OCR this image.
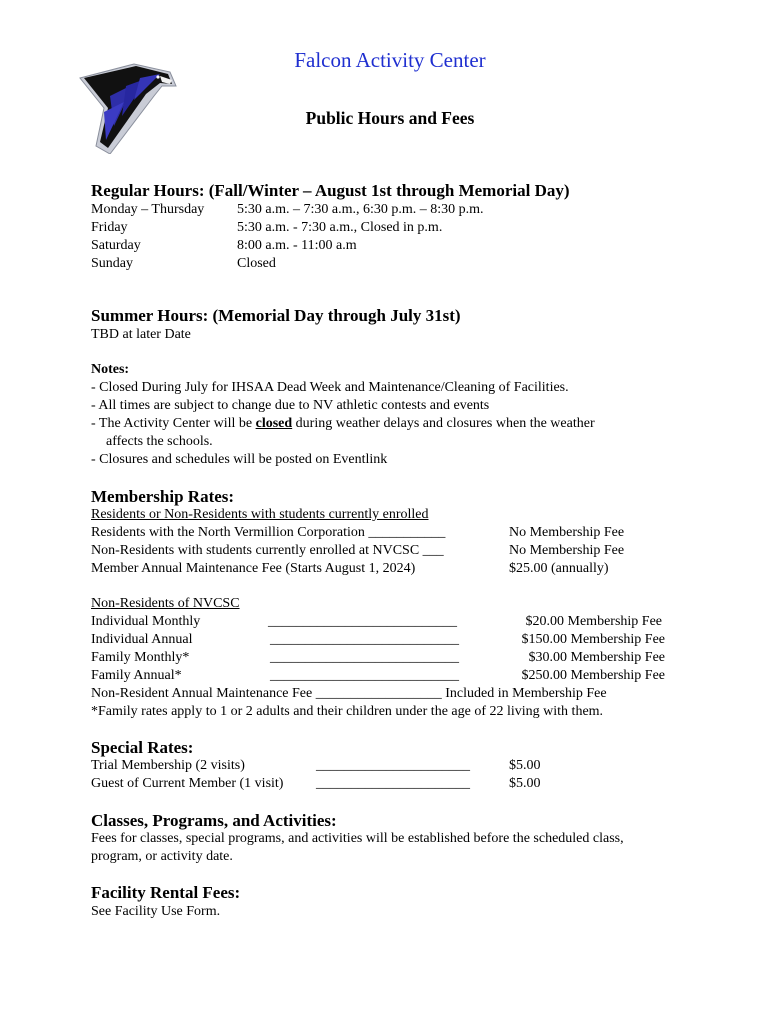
Falcon Activity Center
Public Hours and Fees
Regular Hours: (Fall/Winter – August 1st through Memorial Day)
Monday – Thursday 5:30 a.m. – 7:30 a.m., 6:30 p.m. – 8:30 p.m.
Friday	5:30 a.m. - 7:30 a.m., Closed in p.m.
Saturday	8:00 a.m. - 11:00 a.m
Sunday	Closed
Summer Hours: (Memorial Day through July 31st)
TBD at later Date
Notes:
- Closed During July for IHSAA Dead Week and Maintenance/Cleaning of Facilities.
- All times are subject to change due to NV athletic contests and events
- The Activity Center will be closed during weather delays and closures when the weather
affects the schools.
- Closures and schedules will be posted on Eventlink
Membership Rates:
Residents or Non-Residents with students currently enrolled
Residents with the North Vermillion Corporation ___________	No Membership Fee
Non-Residents with students currently enrolled at NVCSC ___	No Membership Fee
Member Annual Maintenance Fee (Starts August 1, 2024)	$25.00 (annually)
Non-Residents of NVCSC
Individual Monthly	___________________________	$20.00 Membership Fee
Individual Annual	___________________________	$150.00 Membership Fee
Family Monthly*	___________________________	$30.00 Membership Fee
Family Annual*	___________________________	$250.00 Membership Fee
Non-Resident Annual Maintenance Fee __________________ Included in Membership Fee
*Family rates apply to 1 or 2 adults and their children under the age of 22 living with them.
Special Rates:
Trial Membership (2 visits)	______________________	$5.00
Guest of Current Member (1 visit) ______________________	$5.00
Classes, Programs, and Activities:
Fees for classes, special programs, and activities will be established before the scheduled class,
program, or activity date.
Facility Rental Fees:
See Facility Use Form.
